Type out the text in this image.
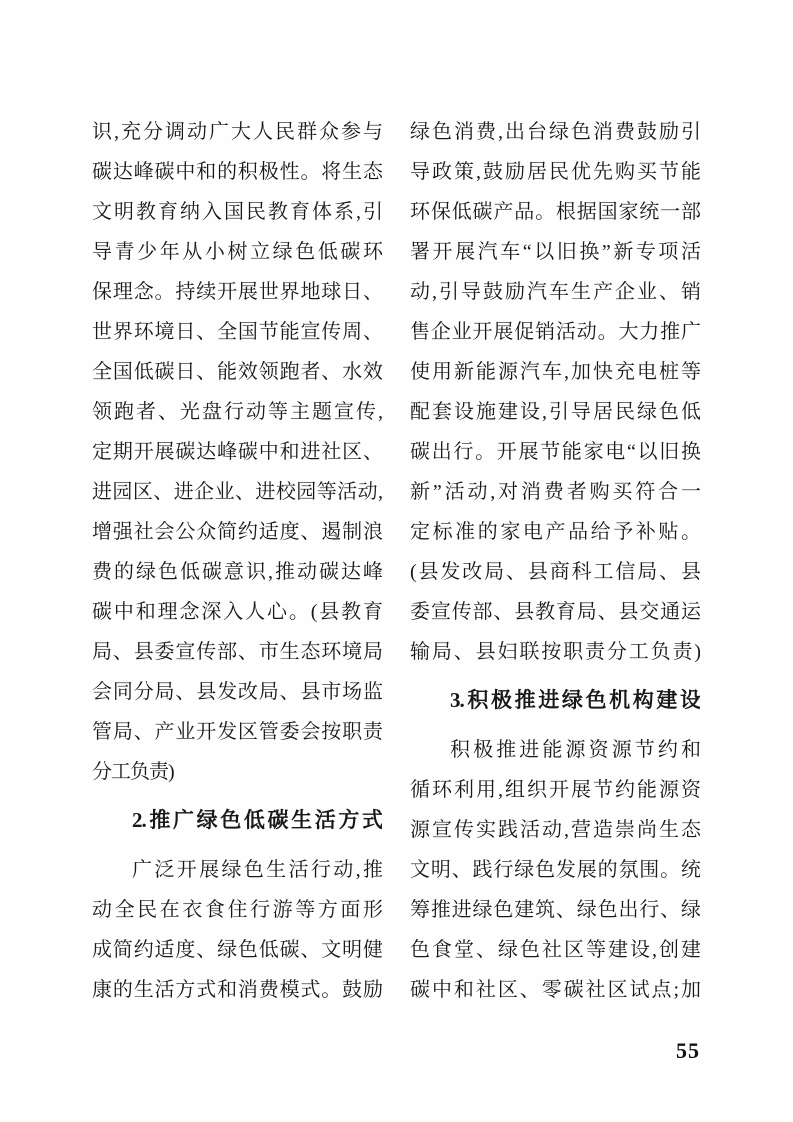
识,充分调动广大人民群众参与
碳达峰碳中和的积极性。将生态
文明教育纳入国民教育体系,引
导青少年从小树立绿色低碳环
保理念。持续开展世界地球日、
世界环境日、全国节能宣传周、
全国低碳日、能效领跑者、水效
领跑者、光盘行动等主题宣传,
定期开展碳达峰碳中和进社区、
进园区、进企业、进校园等活动,
增强社会公众简约适度、遏制浪
费的绿色低碳意识,推动碳达峰
碳中和理念深入人心。(县教育
局、县委宣传部、市生态环境局
会同分局、县发改局、县市场监
管局、产业开发区管委会按职责
分工负责)
2.推广绿色低碳生活方式
广泛开展绿色生活行动,推
动全民在衣食住行游等方面形
成简约适度、绿色低碳、文明健
康的生活方式和消费模式。鼓励
绿色消费,出台绿色消费鼓励引
导政策,鼓励居民优先购买节能
环保低碳产品。根据国家统一部
署开展汽车“以旧换”新专项活
动,引导鼓励汽车生产企业、销
售企业开展促销活动。大力推广
使用新能源汽车,加快充电桩等
配套设施建设,引导居民绿色低
碳出行。开展节能家电“以旧换
新”活动,对消费者购买符合一
定标准的家电产品给予补贴。
(县发改局、县商科工信局、县
委宣传部、县教育局、县交通运
输局、县妇联按职责分工负责)
3.积极推进绿色机构建设
积极推进能源资源节约和
循环利用,组织开展节约能源资
源宣传实践活动,营造崇尚生态
文明、践行绿色发展的氛围。统
筹推进绿色建筑、绿色出行、绿
色食堂、绿色社区等建设,创建
碳中和社区、零碳社区试点;加
55
